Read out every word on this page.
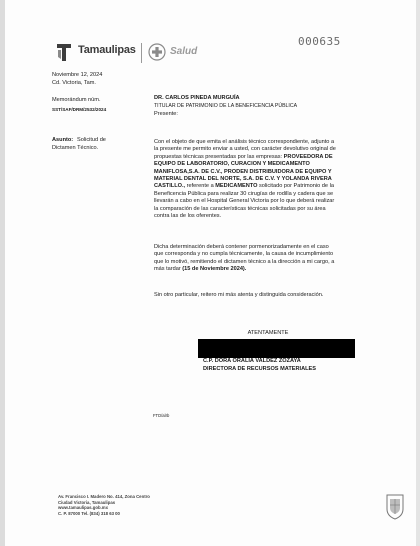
Tamaulipas	Salud
000635
Noviembre 12, 2024
Cd. Victoria, Tam.
Memorándum núm.
SST/SAF/DRM/2532/2024
Asunto: Solicitud de
Dictamen Técnico.
DR. CARLOS PINEDA MURGUÍA
TITULAR DE PATRIMONIO DE LA BENEFICENCIA PÚBLICA
Presente:
Con el objeto de que emita el análisis técnico correspondiente, adjunto a
la presente me permito enviar a usted, con carácter devolutivo original de
propuestas técnicas presentadas por las empresas: PROVEEDORA DE
EQUIPO DE LABORATORIO, CURACION Y MEDICAMENTO
MANIFLOSA,S.A. DE C.V., PRODEN DISTRIBUIDORA DE EQUIPO Y
MATERIAL DENTAL DEL NORTE, S.A. DE C.V. Y YOLANDA RIVERA
CASTILLO., referente a MEDICAMENTO solicitado por Patrimonio de la
Beneficencia Pública para realizar 30 cirugías de rodilla y cadera que se
llevarán a cabo en el Hospital General Victoria por lo que deberá realizar
la comparación de las características técnicas solicitadas por su área
contra las de los oferentes.
Dicha determinación deberá contener pormenorizadamente en el caso
que corresponda y no cumpla técnicamente, la causa de incumplimiento
que lo motivó, remitiendo el dictamen técnico a la dirección a mi cargo, a
más tardar (15 de Noviembre 2024).
Sin otro particular, reitero mi más atenta y distinguida consideración.
ATENTAMENTE
C.P. DORA ORALIA VALDEZ ZOZAYA
DIRECTORA DE RECURSOS MATERIALES
FTD/alrb
Av. Francisco I. Madero No. 414, Zona Centro
Ciudad Victoria, Tamaulipas
www.tamaulipas.gob.mx
C. P. 87000 Tel. (834) 318 63 00
